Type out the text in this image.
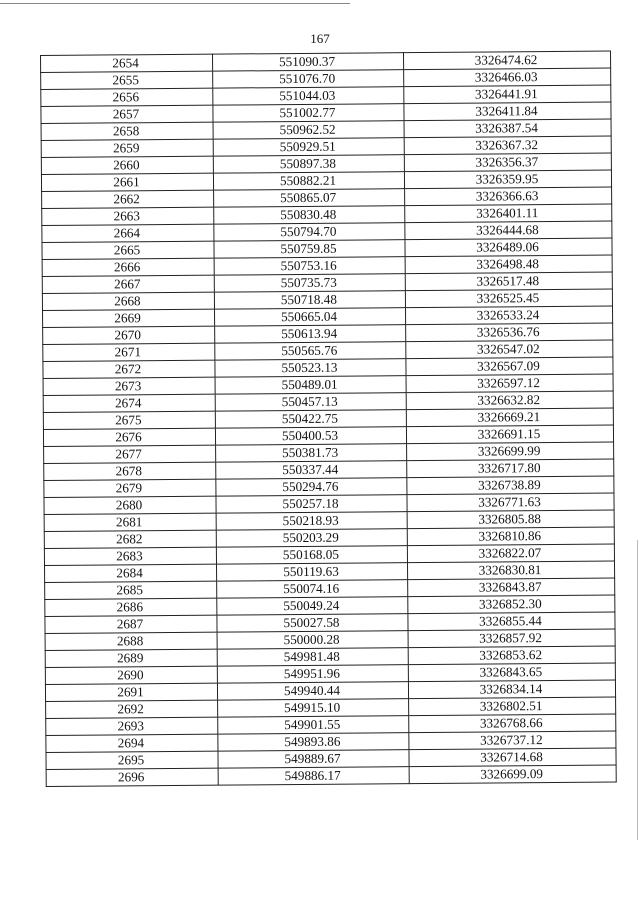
167
2654	551090.37	3326474.62
2655	551076.70	3326466.03
2656	551044.03	3326441.91
2657	551002.77	3326411.84
2658	550962.52	3326387.54
2659	550929.51	3326367.32
2660	550897.38	3326356.37
2661	550882.21	3326359.95
2662	550865.07	3326366.63
2663	550830.48	3326401.11
2664	550794.70	3326444.68
2665	550759.85	3326489.06
2666	550753.16	3326498.48
2667	550735.73	3326517.48
2668	550718.48	3326525.45
2669	550665.04	3326533.24
2670	550613.94	3326536.76
2671	550565.76	3326547.02
2672	550523.13	3326567.09
2673	550489.01	3326597.12
2674	550457.13	3326632.82
2675	550422.75	3326669.21
2676	550400.53	3326691.15
2677	550381.73	3326699.99
2678	550337.44	3326717.80
2679	550294.76	3326738.89
2680	550257.18	3326771.63
2681	550218.93	3326805.88
2682	550203.29	3326810.86
2683	550168.05	3326822.07
2684	550119.63	3326830.81
2685	550074.16	3326843.87
2686	550049.24	3326852.30
2687	550027.58	3326855.44
2688	550000.28	3326857.92
2689	549981.48	3326853.62
2690	549951.96	3326843.65
2691	549940.44	3326834.14
2692	549915.10	3326802.51
2693	549901.55	3326768.66
2694	549893.86	3326737.12
2695	549889.67	3326714.68
2696	549886.17	3326699.09
